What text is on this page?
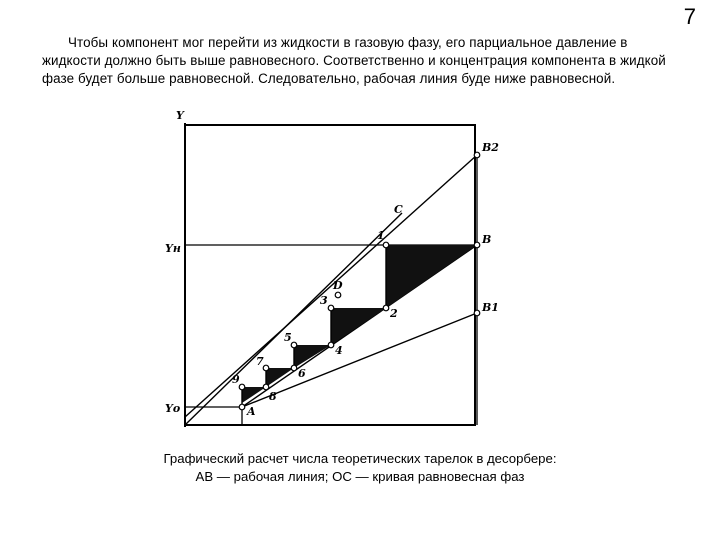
7

Чтобы компонент мог перейти из жидкости в газовую фазу, его парциальное давление в жидкости должно быть выше равновесного. Соответственно и концентрация компонента в жидкой фазе будет больше равновесной. Следовательно, рабочая линия буде ниже равновесной.

Y
Yн
Yо
B2
B
B1
C
D
A
1
2
3
4
5
6
7
8
9
Графический расчет числа теоретических тарелок в десорбере:
АВ — рабочая линия; ОС — кривая равновесная фаз
